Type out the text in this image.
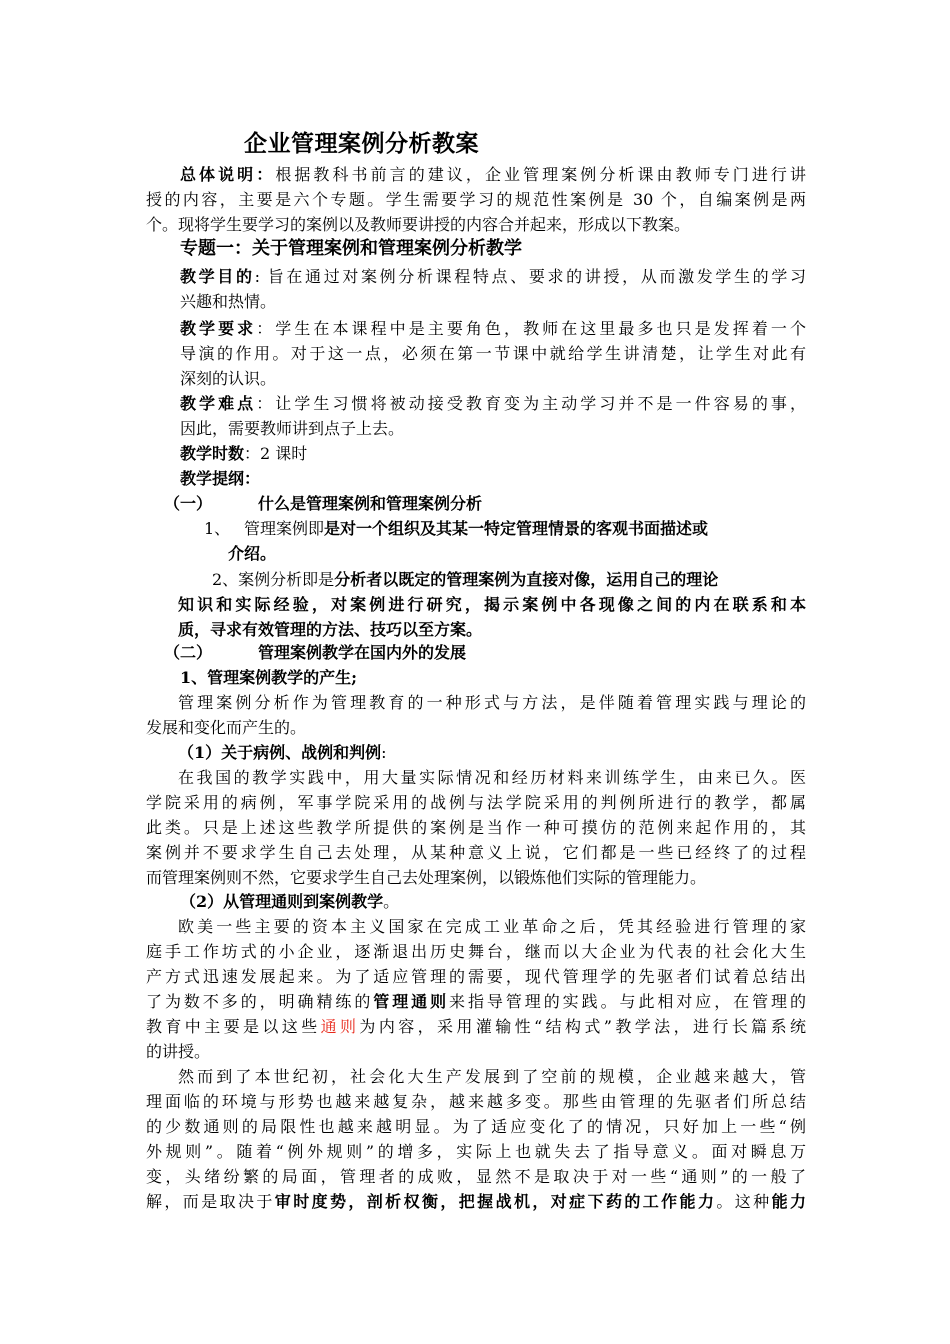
企业管理案例分析教案
总体说明：根据教科书前言的建议，企业管理案例分析课由教师专门进行讲
授的内容，主要是六个专题。学生需要学习的规范性案例是 30 个，自编案例是两
个。现将学生要学习的案例以及教师要讲授的内容合并起来，形成以下教案。
专题一：关于管理案例和管理案例分析教学
教学目的: 旨在通过对案例分析课程特点、要求的讲授，从而激发学生的学习
兴趣和热情。
教学要求：学生在本课程中是主要角色，教师在这里最多也只是发挥着一个
导演的作用。对于这一点，必须在第一节课中就给学生讲清楚，让学生对此有
深刻的认识。
教学难点：让学生习惯将被动接受教育变为主动学习并不是一件容易的事，
因此，需要教师讲到点子上去。
教学时数：2 课时
教学提纲：
（一）	什么是管理案例和管理案例分析
1、 管理案例即是对一个组织及其某一特定管理情景的客观书面描述或
介绍。
2、案例分析即是分析者以既定的管理案例为直接对像，运用自己的理论
知识和实际经验，对案例进行研究，揭示案例中各现像之间的内在联系和本
质，寻求有效管理的方法、技巧以至方案。
（二）	管理案例教学在国内外的发展
1、管理案例教学的产生;
管理案例分析作为管理教育的一种形式与方法，是伴随着管理实践与理论的
发展和变化而产生的。
（1）关于病例、战例和判例:
在我国的教学实践中，用大量实际情况和经历材料来训练学生，由来已久。医
学院采用的病例，军事学院采用的战例与法学院采用的判例所进行的教学，都属
此类。只是上述这些教学所提供的案例是当作一种可摸仿的范例来起作用的，其
案例并不要求学生自己去处理，从某种意义上说，它们都是一些已经终了的过程
而管理案例则不然，它要求学生自己去处理案例，以锻炼他们实际的管理能力。
（2）从管理通则到案例教学。
欧美一些主要的资本主义国家在完成工业革命之后，凭其经验进行管理的家
庭手工作坊式的小企业，逐渐退出历史舞台，继而以大企业为代表的社会化大生
产方式迅速发展起来。为了适应管理的需要，现代管理学的先驱者们试着总结出
了为数不多的，明确精练的管理通则来指导管理的实践。与此相对应，在管理的
教育中主要是以这些通则为内容，采用灌输性“结构式”教学法，进行长篇系统
的讲授。
然而到了本世纪初，社会化大生产发展到了空前的规模，企业越来越大，管
理面临的环境与形势也越来越复杂，越来越多变。那些由管理的先驱者们所总结
的少数通则的局限性也越来越明显。为了适应变化了的情况，只好加上一些“例
外规则”。随着“例外规则”的增多，实际上也就失去了指导意义。面对瞬息万
变，头绪纷繁的局面，管理者的成败，显然不是取决于对一些“通则”的一般了
解，而是取决于审时度势，剖析权衡，把握战机，对症下药的工作能力。这种能力
